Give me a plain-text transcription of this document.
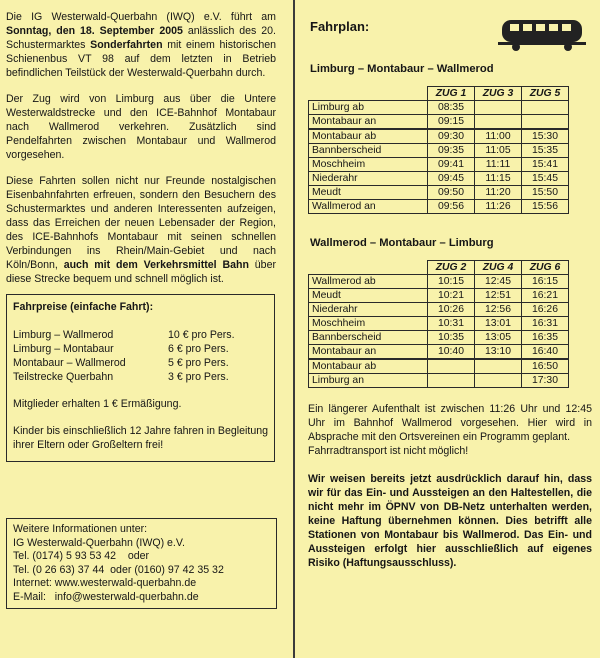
Die IG Westerwald-Querbahn (IWQ) e.V. führt am Sonntag, den 18. September 2005 anlässlich des 20. Schustermarktes Sonderfahrten mit einem historischen Schienenbus VT 98 auf dem letzten in Betrieb befindlichen Teilstück der Westerwald-Querbahn durch.

Der Zug wird von Limburg aus über die Untere Westerwaldstrecke und den ICE-Bahnhof Montabaur nach Wallmerod verkehren. Zusätzlich sind Pendelfahrten zwischen Montabaur und Wallmerod vorgesehen.

Diese Fahrten sollen nicht nur Freunde nostalgischen Eisenbahnfahrten erfreuen, sondern den Besuchern des Schustermarktes und anderen Interessenten aufzeigen, dass das Erreichen der neuen Lebensader der Region, des ICE-Bahnhofs Montabaur mit seinen schnellen Verbindungen ins Rhein/Main-Gebiet und nach Köln/Bonn, auch mit dem Verkehrsmittel Bahn über diese Strecke bequem und schnell möglich ist.

Fahrpreise (einfache Fahrt):
Limburg – Wallmerod	10 € pro Pers.
Limburg – Montabaur	6 € pro Pers.
Montabaur – Wallmerod	5 € pro Pers.
Teilstrecke Querbahn	3 € pro Pers.

Mitglieder erhalten 1 € Ermäßigung.

Kinder bis einschließlich 12 Jahre fahren in Begleitung ihrer Eltern oder Großeltern frei!

Weitere Informationen unter:
IG Westerwald-Querbahn (IWQ) e.V.
Tel. (0174) 5 93 53 42    oder
Tel. (0 26 63) 37 44  oder (0160) 97 42 35 32
Internet: www.westerwald-querbahn.de
E-Mail:   info@westerwald-querbahn.de
Fahrplan:
Limburg – Montabaur – Wallmerod
	ZUG 1	ZUG 3	ZUG 5
Limburg ab	08:35		
Montabaur an	09:15		
Montabaur ab	09:30	11:00	15:30
Bannberscheid	09:35	11:05	15:35
Moschheim	09:41	11:11	15:41
Niederahr	09:45	11:15	15:45
Meudt	09:50	11:20	15:50
Wallmerod an	09:56	11:26	15:56
Wallmerod – Montabaur – Limburg
	ZUG 2	ZUG 4	ZUG 6
Wallmerod ab	10:15	12:45	16:15
Meudt	10:21	12:51	16:21
Niederahr	10:26	12:56	16:26
Moschheim	10:31	13:01	16:31
Bannberscheid	10:35	13:05	16:35
Montabaur an	10:40	13:10	16:40
Montabaur ab			16:50
Limburg an			17:30

Ein längerer Aufenthalt ist zwischen 11:26 Uhr und 12:45 Uhr im Bahnhof Wallmerod vorgesehen. Hier wird in Absprache mit den Ortsvereinen ein Programm geplant.

Fahrradtransport ist nicht möglich!

Wir weisen bereits jetzt ausdrücklich darauf hin, dass wir für das Ein- und Aussteigen an den Haltestellen, die nicht mehr im ÖPNV von DB-Netz unterhalten werden, keine Haftung übernehmen können. Dies betrifft alle Stationen von Montabaur bis Wallmerod. Das Ein- und Aussteigen erfolgt hier ausschließlich auf eigenes Risiko (Haftungsausschluss).
